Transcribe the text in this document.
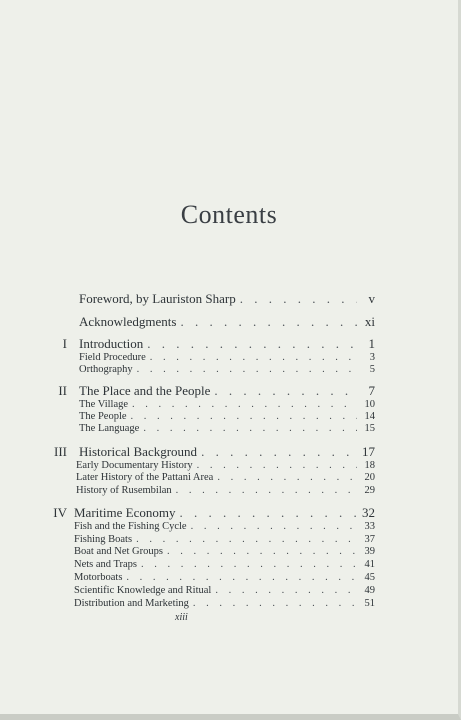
Contents
Foreword, by Lauriston Sharp . . .	v
Acknowledgments . . .	xi
I Introduction . . .	1
Field Procedure . . .	3
Orthography . . .	5
II The Place and the People . . .	7
The Village . . .	10
The People . . .	14
The Language . . .	15
III Historical Background . . .	17
Early Documentary History . . .	18
Later History of the Pattani Area . . .	20
History of Rusembilan . . .	29
IV Maritime Economy . . .	32
Fish and the Fishing Cycle . . .	33
Fishing Boats . . .	37
Boat and Net Groups . . .	39
Nets and Traps . . .	41
Motorboats . . .	45
Scientific Knowledge and Ritual . . .	49
Distribution and Marketing . . .	51
xiii
